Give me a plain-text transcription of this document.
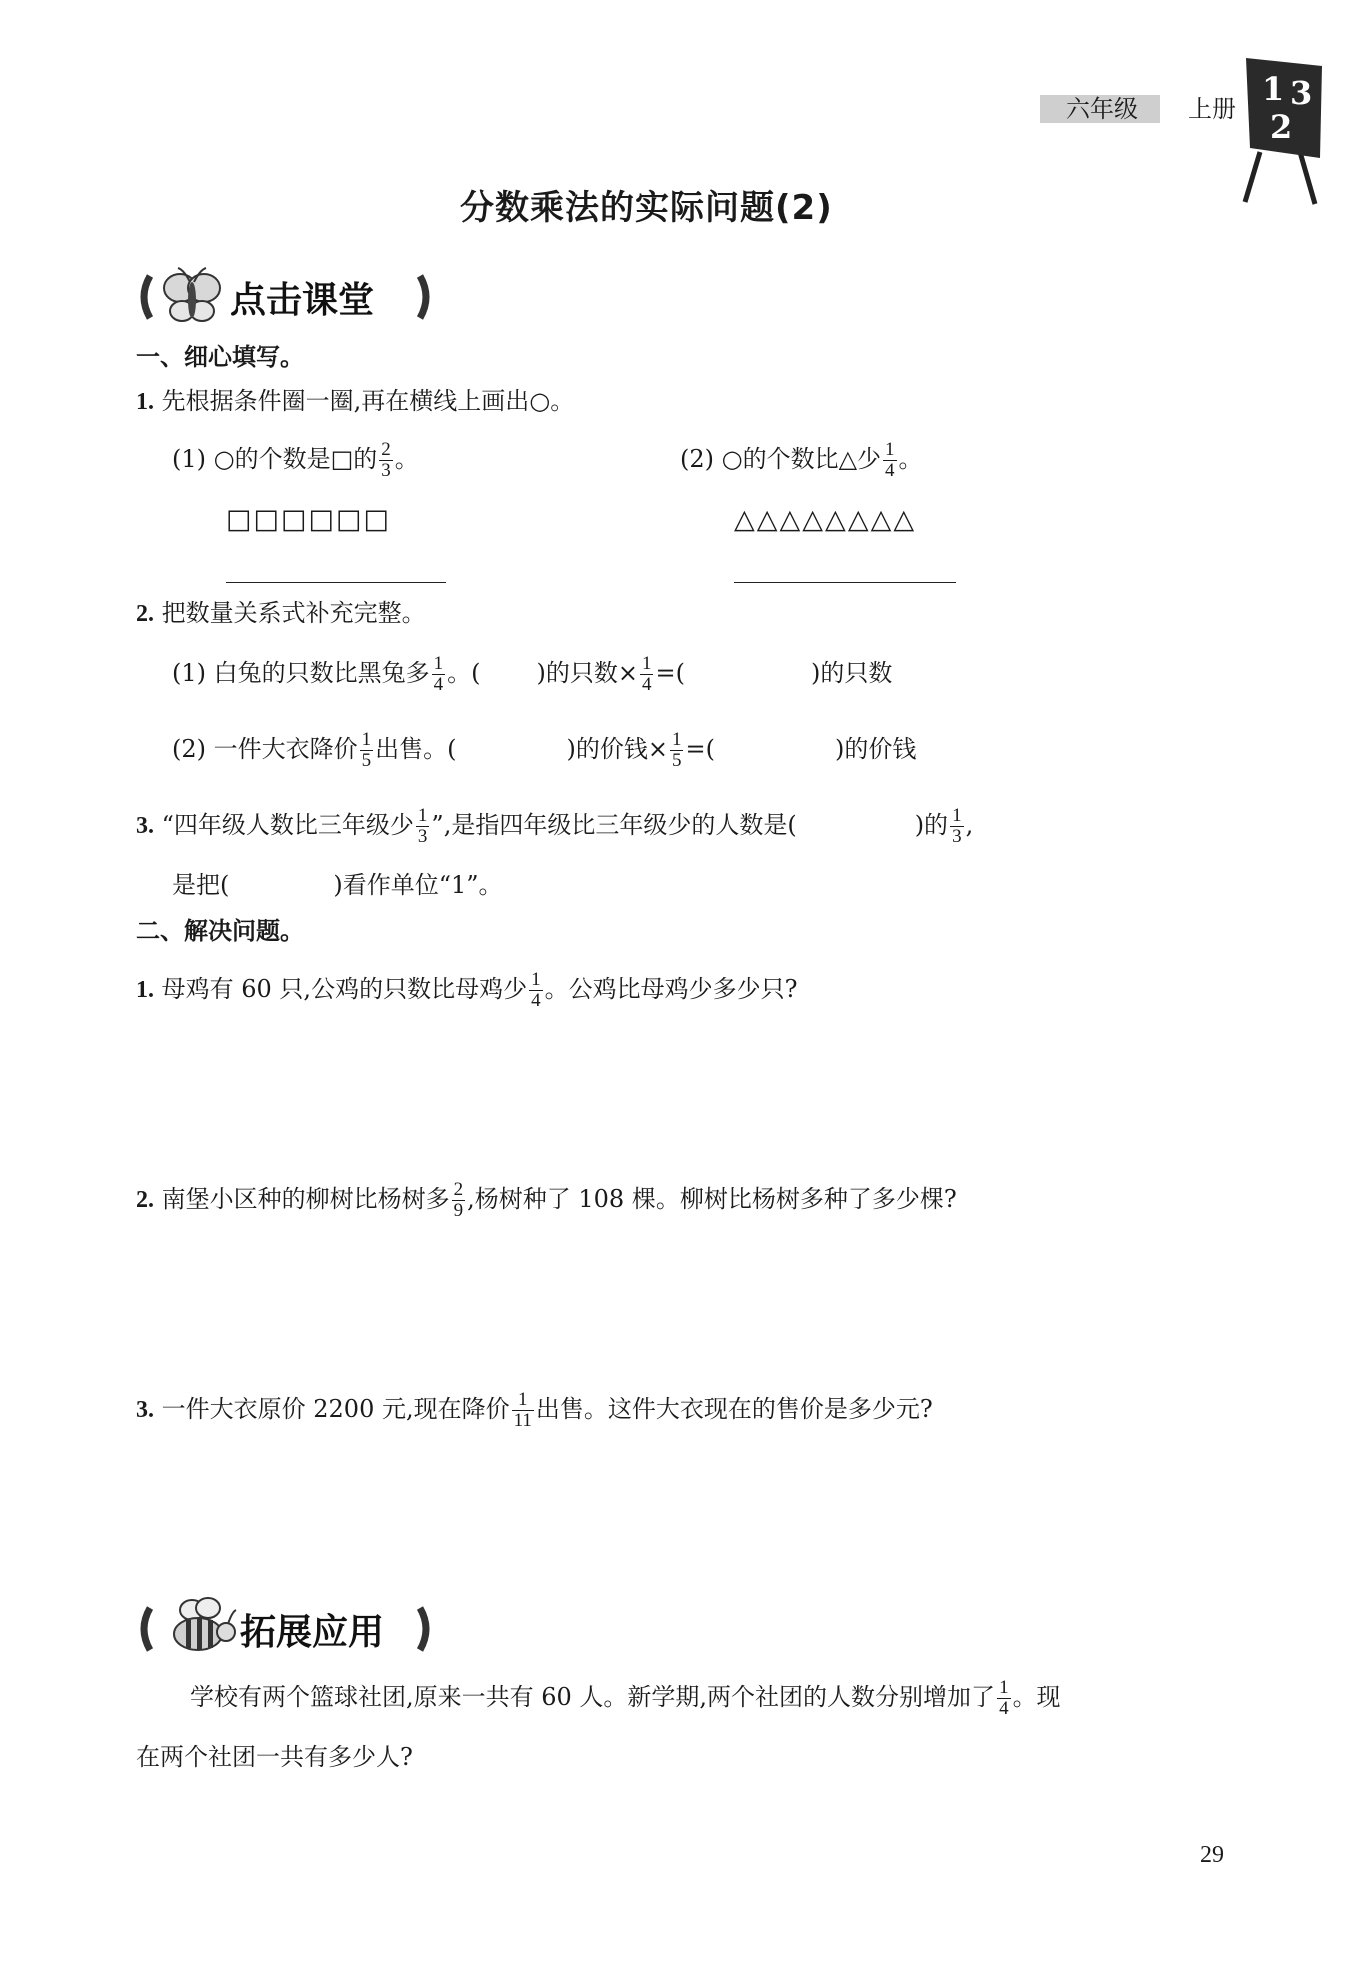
六年级	上册
1 3
2
分数乘法的实际问题(2)
点击课堂
一、细心填写。
1. 先根据条件圈一圈,再在横线上画出○。
(1) ○的个数是□的 $\frac{2}{3}$ 。	(2) ○的个数比△少 $\frac{1}{4}$ 。
□□□□□□	△△△△△△△△
2. 把数量关系式补充完整。
(1) 白兔的只数比黑兔多 $\frac{1}{4}$ 。( )的只数× $\frac{1}{4}$ =(	)的只数
(2) 一件大衣降价 $\frac{1}{5}$ 出售。(	)的价钱× $\frac{1}{5}$ =(	)的价钱
3. “四年级人数比三年级少 $\frac{1}{3}$ ”,是指四年级比三年级少的人数是(	)的 $\frac{1}{3}$ ,
是把(	)看作单位“1”。
二、解决问题。
1. 母鸡有 60 只,公鸡的只数比母鸡少 $\frac{1}{4}$ 。公鸡比母鸡少多少只?
2. 南堡小区种的柳树比杨树多 $\frac{2}{9}$ ,杨树种了 108 棵。柳树比杨树多种了多少棵?
3. 一件大衣原价 2200 元,现在降价 $\frac{1}{11}$ 出售。这件大衣现在的售价是多少元?
拓展应用
学校有两个篮球社团,原来一共有 60 人。新学期,两个社团的人数分别增加了 $\frac{1}{4}$ 。现
在两个社团一共有多少人?
29
